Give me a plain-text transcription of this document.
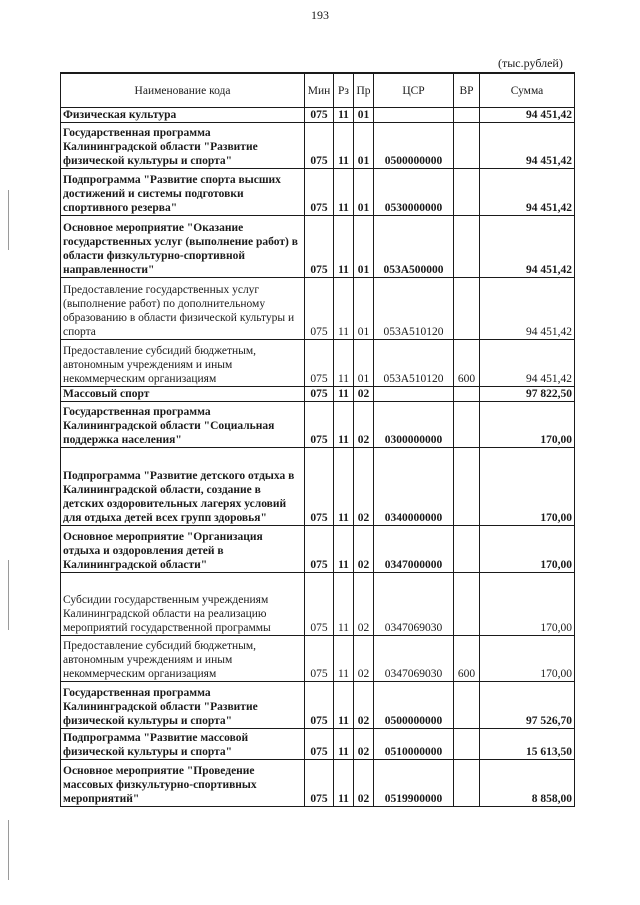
193
(тыс.рублей)
Наименование кода	Мин	Рз	Пр	ЦСР	ВР	Сумма
Физическая культура	075	11	01			94 451,42
Государственная программа Калининградской области "Развитие физической культуры и спорта"	075	11	01	0500000000		94 451,42
Подпрограмма "Развитие спорта высших достижений и системы подготовки спортивного резерва"	075	11	01	0530000000		94 451,42
Основное мероприятие "Оказание государственных услуг (выполнение работ) в области физкультурно-спортивной направленности"	075	11	01	053А500000		94 451,42
Предоставление государственных услуг (выполнение работ) по дополнительному образованию в области физической культуры и спорта	075	11	01	053А510120		94 451,42
Предоставление субсидий бюджетным, автономным учреждениям и иным некоммерческим организациям	075	11	01	053А510120	600	94 451,42
Массовый спорт	075	11	02			97 822,50
Государственная программа Калининградской области "Социальная поддержка населения"	075	11	02	0300000000		170,00
Подпрограмма "Развитие детского отдыха в Калининградской области, создание в детских оздоровительных лагерях условий для отдыха детей всех групп здоровья"	075	11	02	0340000000		170,00
Основное мероприятие "Организация отдыха и оздоровления детей в Калининградской области"	075	11	02	0347000000		170,00
Субсидии государственным учреждениям Калининградской области на реализацию мероприятий государственной программы	075	11	02	0347069030		170,00
Предоставление субсидий бюджетным, автономным учреждениям и иным некоммерческим организациям	075	11	02	0347069030	600	170,00
Государственная программа Калининградской области "Развитие физической культуры и спорта"	075	11	02	0500000000		97 526,70
Подпрограмма "Развитие массовой физической культуры и спорта"	075	11	02	0510000000		15 613,50
Основное мероприятие "Проведение массовых физкультурно-спортивных мероприятий"	075	11	02	0519900000		8 858,00
